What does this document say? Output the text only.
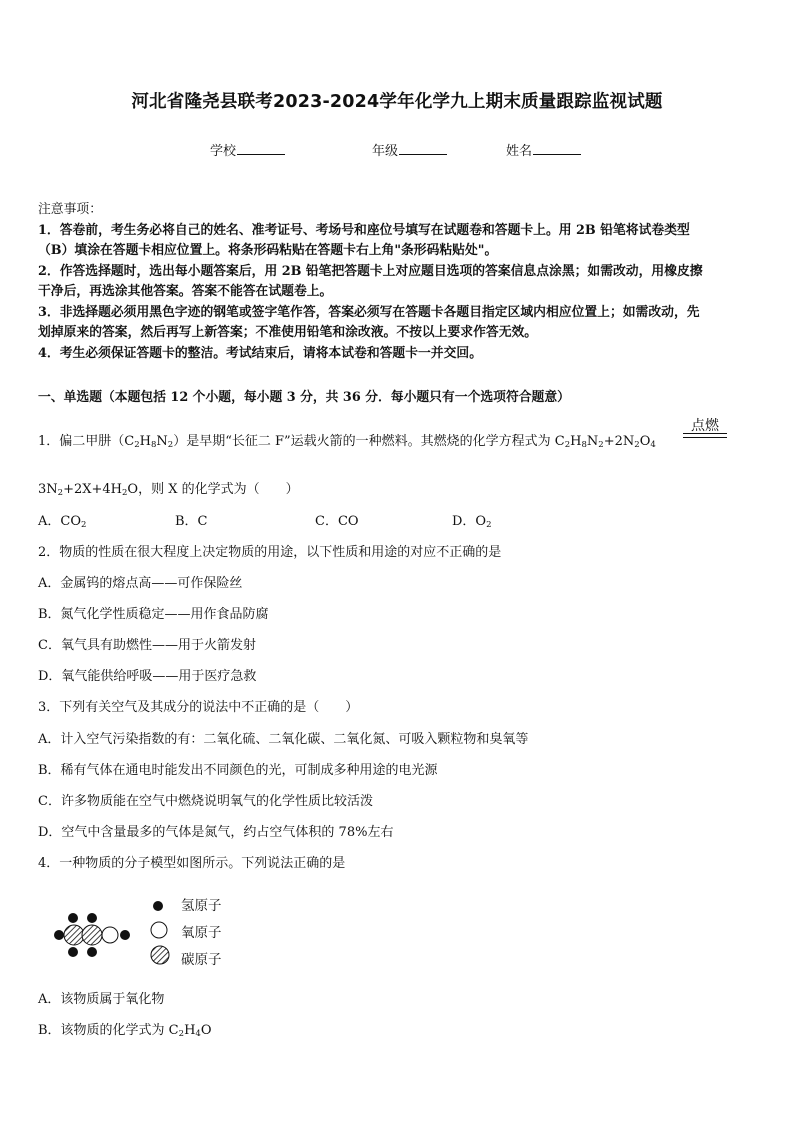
河北省隆尧县联考2023-2024学年化学九上期末质量跟踪监视试题
学校	年级	姓名
注意事项：
1．答卷前，考生务必将自己的姓名、准考证号、考场号和座位号填写在试题卷和答题卡上。用 2B 铅笔将试卷类型
（B）填涂在答题卡相应位置上。将条形码粘贴在答题卡右上角"条形码粘贴处"。
2．作答选择题时，选出每小题答案后，用 2B 铅笔把答题卡上对应题目选项的答案信息点涂黑；如需改动，用橡皮擦
干净后，再选涂其他答案。答案不能答在试题卷上。
3．非选择题必须用黑色字迹的钢笔或签字笔作答，答案必须写在答题卡各题目指定区域内相应位置上；如需改动，先
划掉原来的答案，然后再写上新答案；不准使用铅笔和涂改液。不按以上要求作答无效。
4．考生必须保证答题卡的整洁。考试结束后，请将本试卷和答题卡一并交回。
一、单选题（本题包括 12 个小题，每小题 3 分，共 36 分．每小题只有一个选项符合题意）
1．偏二甲肼$(C_2H_8N_2)$是早期“长征二 F”运载火箭的一种燃料。其燃烧的化学方程式为 $C_2H_8N_2+2N_2O_4$
点燃
$3N_2+2X+4H_2O$，则 X 的化学式为（　　）
A．$CO_2$	B．C	C．CO	D．$O_2$
2．物质的性质在很大程度上决定物质的用途，以下性质和用途的对应不正确的是
A．金属钨的熔点高——可作保险丝
B．氮气化学性质稳定——用作食品防腐
C．氧气具有助燃性——用于火箭发射
D．氧气能供给呼吸——用于医疗急救
3．下列有关空气及其成分的说法中不正确的是（　　）
A．计入空气污染指数的有：二氧化硫、二氧化碳、二氧化氮、可吸入颗粒物和臭氧等
B．稀有气体在通电时能发出不同颜色的光，可制成多种用途的电光源
C．许多物质能在空气中燃烧说明氧气的化学性质比较活泼
D．空气中含量最多的气体是氮气，约占空气体积的 78%左右
4．一种物质的分子模型如图所示。下列说法正确的是
氢原子
氧原子
碳原子
A．该物质属于氧化物
B．该物质的化学式为 $C_2H_4O$
